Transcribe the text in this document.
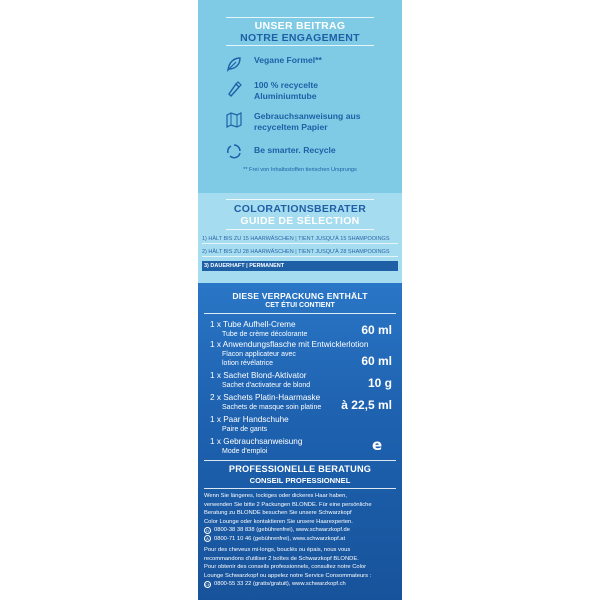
UNSER BEITRAG
NOTRE ENGAGEMENT
Vegane Formel**
100 % recycelte
Aluminiumtube
Gebrauchsanweisung aus
recyceltem Papier
Be smarter. Recycle
** Frei von Inhaltsstoffen tierischen Ursprungs
COLORATIONSBERATER
GUIDE DE SÉLECTION
1) HÄLT BIS ZU 15 HAARWÄSCHEN | TIENT JUSQU'À 15 SHAMPOOINGS
2) HÄLT BIS ZU 28 HAARWÄSCHEN | TIENT JUSQU'À 28 SHAMPOOINGS
3) DAUERHAFT | PERMANENT
DIESE VERPACKUNG ENTHÄLT
CET ÉTUI CONTIENT
1 x Tube Aufhell-Creme
Tube de crème décolorante	60 ml
1 x Anwendungsflasche mit Entwicklerlotion
Flacon applicateur avec
lotion révélatrice	60 ml
1 x Sachet Blond-Aktivator
Sachet d'activateur de blond	10 g
2 x Sachets Platin-Haarmaske
Sachets de masque soin platine	à 22,5 ml
1 x Paar Handschuhe
Paire de gants
1 x Gebrauchsanweisung
Mode d'emploi	e
PROFESSIONELLE BERATUNG
CONSEIL PROFESSIONNEL
Wenn Sie längeres, lockiges oder dickeres Haar haben,
verwenden Sie bitte 2 Packungen BLONDE. Für eine persönliche
Beratung zu BLONDE besuchen Sie unsere Schwarzkopf
Color Lounge oder kontaktieren Sie unsere Haarexperten.
D 0800-38 38 838 (gebührenfrei), www.schwarzkopf.de
A 0800-71 10 46 (gebührenfrei), www.schwarzkopf.at
Pour des cheveux mi-longs, bouclés ou épais, nous vous
recommandons d'utiliser 2 boîtes de Schwarzkopf BLONDE.
Pour obtenir des conseils professionnels, consultez notre Color
Lounge Schwarzkopf ou appelez notre Service Consommateurs :
CH 0800-55 33 22 (gratis/gratuit), www.schwarzkopf.ch
